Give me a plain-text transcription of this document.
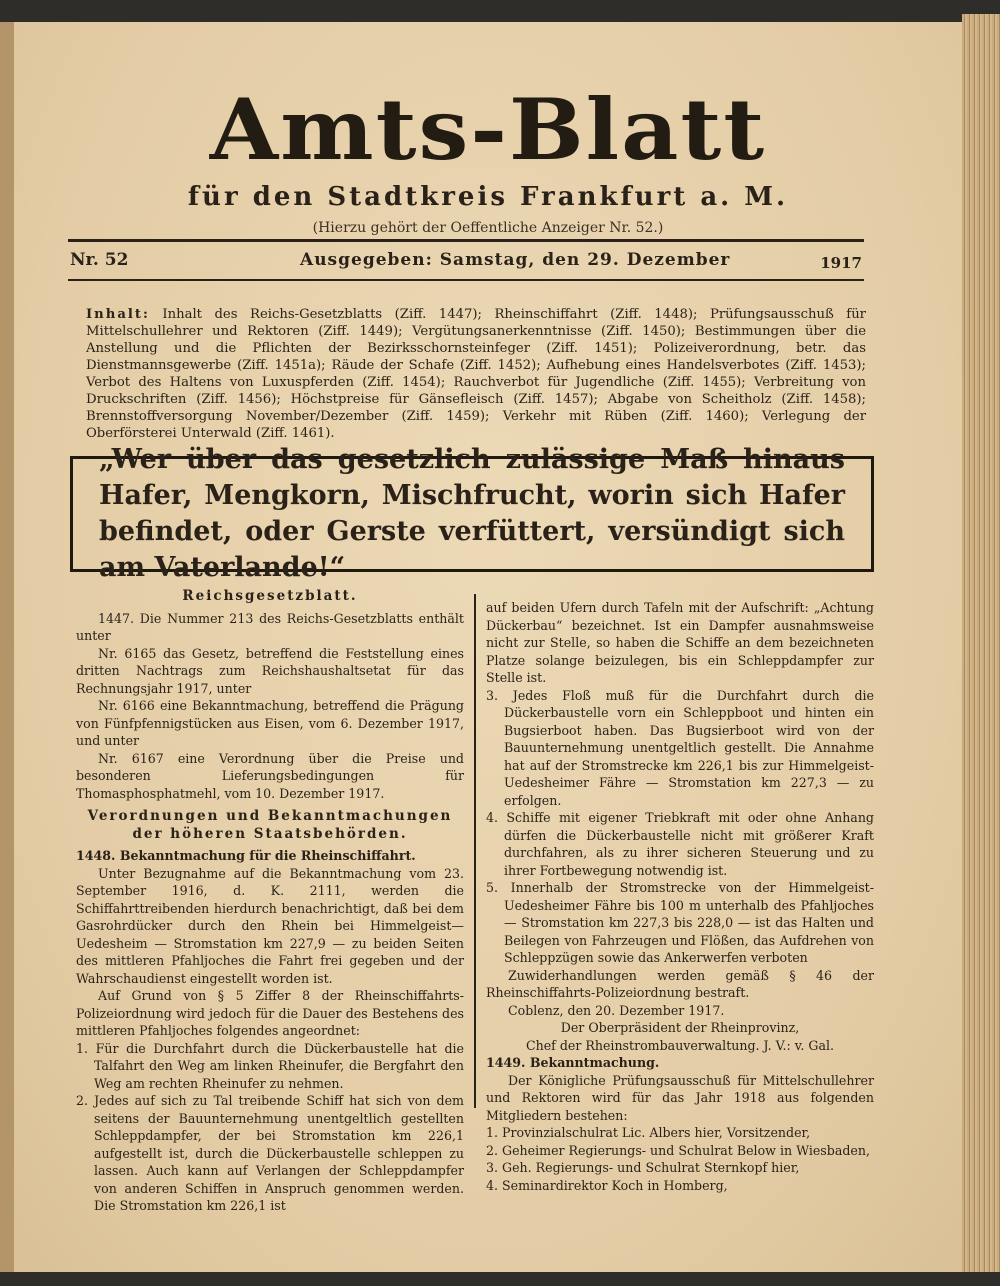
Amts-Blatt
für den Stadtkreis Frankfurt a. M.
(Hierzu gehört der Oeffentliche Anzeiger Nr. 52.)
Nr. 52	Ausgegeben: Samstag, den 29. Dezember	1917
Inhalt: Inhalt des Reichs-Gesetzblatts (Ziff. 1447); Rheinschiffahrt (Ziff. 1448); Prüfungsausschuß für Mittelschullehrer und Rektoren (Ziff. 1449); Vergütungsanerkenntnisse (Ziff. 1450); Bestimmungen über die Anstellung und die Pflichten der Bezirksschornsteinfeger (Ziff. 1451); Polizeiverordnung, betr. das Dienstmannsgewerbe (Ziff. 1451a); Räude der Schafe (Ziff. 1452); Aufhebung eines Handelsverbotes (Ziff. 1453); Verbot des Haltens von Luxuspferden (Ziff. 1454); Rauchverbot für Jugendliche (Ziff. 1455); Verbreitung von Druckschriften (Ziff. 1456); Höchstpreise für Gänsefleisch (Ziff. 1457); Abgabe von Scheitholz (Ziff. 1458); Brennstoffversorgung November/Dezember (Ziff. 1459); Verkehr mit Rüben (Ziff. 1460); Verlegung der Oberförsterei Unterwald (Ziff. 1461).
„Wer über das gesetzlich zulässige Maß hinaus Hafer, Mengkorn, Mischfrucht, worin sich Hafer befindet, oder Gerste verfüttert, versündigt sich am Vaterlande!“

Reichsgesetzblatt.

1447. Die Nummer 213 des Reichs-Gesetzblatts enthält unter

Nr. 6165 das Gesetz, betreffend die Feststellung eines dritten Nachtrags zum Reichshaushaltsetat für das Rechnungsjahr 1917, unter

Nr. 6166 eine Bekanntmachung, betreffend die Prägung von Fünfpfennigstücken aus Eisen, vom 6. Dezember 1917, und unter

Nr. 6167 eine Verordnung über die Preise und besonderen Lieferungsbedingungen für Thomasphosphatmehl, vom 10. Dezember 1917.

Verordnungen und Bekanntmachungen der höheren Staatsbehörden.

1448. Bekanntmachung für die Rheinschiffahrt.

Unter Bezugnahme auf die Bekanntmachung vom 23. September 1916, d. K. 2111, werden die Schiffahrttreibenden hierdurch benachrichtigt, daß bei dem Gasrohrdücker durch den Rhein bei Himmelgeist—Uedesheim — Stromstation km 227,9 — zu beiden Seiten des mittleren Pfahljoches die Fahrt frei gegeben und der Wahrschaudienst eingestellt worden ist.

Auf Grund von § 5 Ziffer 8 der Rheinschiffahrts-Polizeiordnung wird jedoch für die Dauer des Bestehens des mittleren Pfahljoches folgendes angeordnet:

1. Für die Durchfahrt durch die Dückerbaustelle hat die Talfahrt den Weg am linken Rheinufer, die Bergfahrt den Weg am rechten Rheinufer zu nehmen.

2. Jedes auf sich zu Tal treibende Schiff hat sich von dem seitens der Bauunternehmung unentgeltlich gestellten Schleppdampfer, der bei Stromstation km 226,1 aufgestellt ist, durch die Dückerbaustelle schleppen zu lassen. Auch kann auf Verlangen der Schleppdampfer von anderen Schiffen in Anspruch genommen werden. Die Stromstation km 226,1 ist

auf beiden Ufern durch Tafeln mit der Aufschrift: „Achtung Dückerbau“ bezeichnet. Ist ein Dampfer ausnahmsweise nicht zur Stelle, so haben die Schiffe an dem bezeichneten Platze solange beizulegen, bis ein Schleppdampfer zur Stelle ist.

3. Jedes Floß muß für die Durchfahrt durch die Dückerbaustelle vorn ein Schleppboot und hinten ein Bugsierboot haben. Das Bugsierboot wird von der Bauunternehmung unentgeltlich gestellt. Die Annahme hat auf der Stromstrecke km 226,1 bis zur Himmelgeist-Uedesheimer Fähre — Stromstation km 227,3 — zu erfolgen.

4. Schiffe mit eigener Triebkraft mit oder ohne Anhang dürfen die Dückerbaustelle nicht mit größerer Kraft durchfahren, als zu ihrer sicheren Steuerung und zu ihrer Fortbewegung notwendig ist.

5. Innerhalb der Stromstrecke von der Himmelgeist-Uedesheimer Fähre bis 100 m unterhalb des Pfahljoches — Stromstation km 227,3 bis 228,0 — ist das Halten und Beilegen von Fahrzeugen und Flößen, das Aufdrehen von Schleppzügen sowie das Ankerwerfen verboten

Zuwiderhandlungen werden gemäß § 46 der Rheinschiffahrts-Polizeiordnung bestraft.

Coblenz, den 20. Dezember 1917.

Der Oberpräsident der Rheinprovinz,

Chef der Rheinstrombauverwaltung. J. V.: v. Gal.

1449. Bekanntmachung.

Der Königliche Prüfungsausschuß für Mittelschullehrer und Rektoren wird für das Jahr 1918 aus folgenden Mitgliedern bestehen:

1. Provinzialschulrat Lic. Albers hier, Vorsitzender,

2. Geheimer Regierungs- und Schulrat Below in Wiesbaden,

3. Geh. Regierungs- und Schulrat Sternkopf hier,

4. Seminardirektor Koch in Homberg,
